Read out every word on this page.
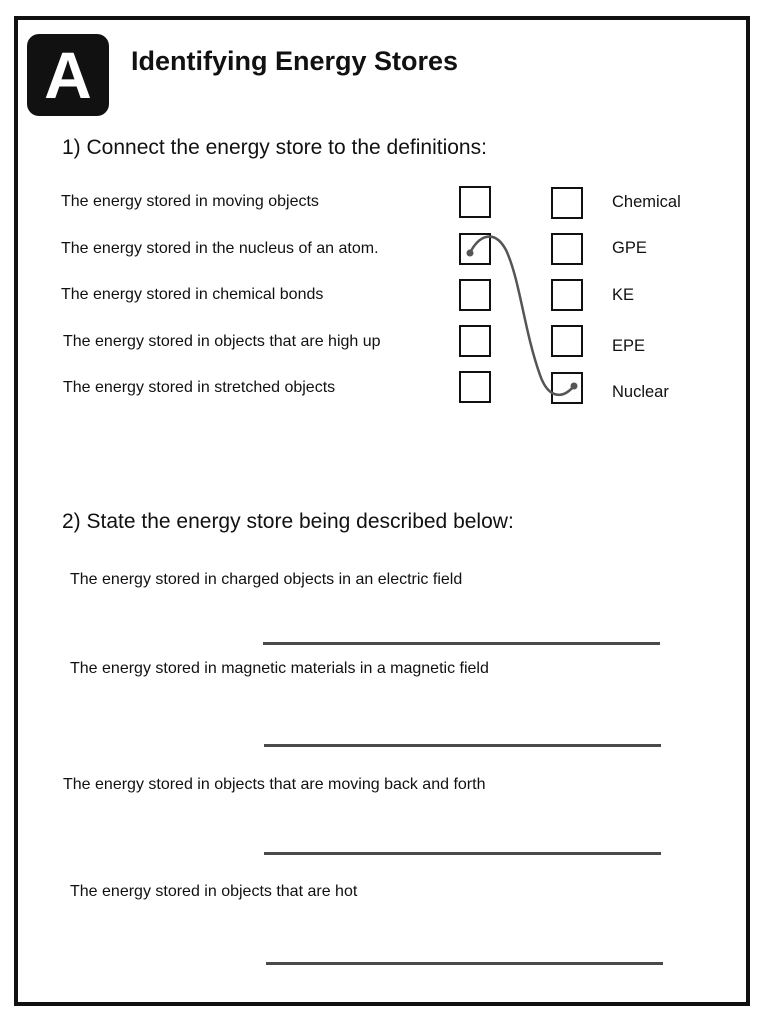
A	Identifying Energy Stores
1) Connect the energy store to the definitions:
The energy stored in moving objects
The energy stored in the nucleus of an atom.
The energy stored in chemical bonds
The energy stored in objects that are high up
The energy stored in stretched objects
Chemical
GPE
KE
EPE
Nuclear
2) State the energy store being described below:
The energy stored in charged objects in an electric field
The energy stored in magnetic materials in a magnetic field
The energy stored in objects that are moving back and forth
The energy stored in objects that are hot
